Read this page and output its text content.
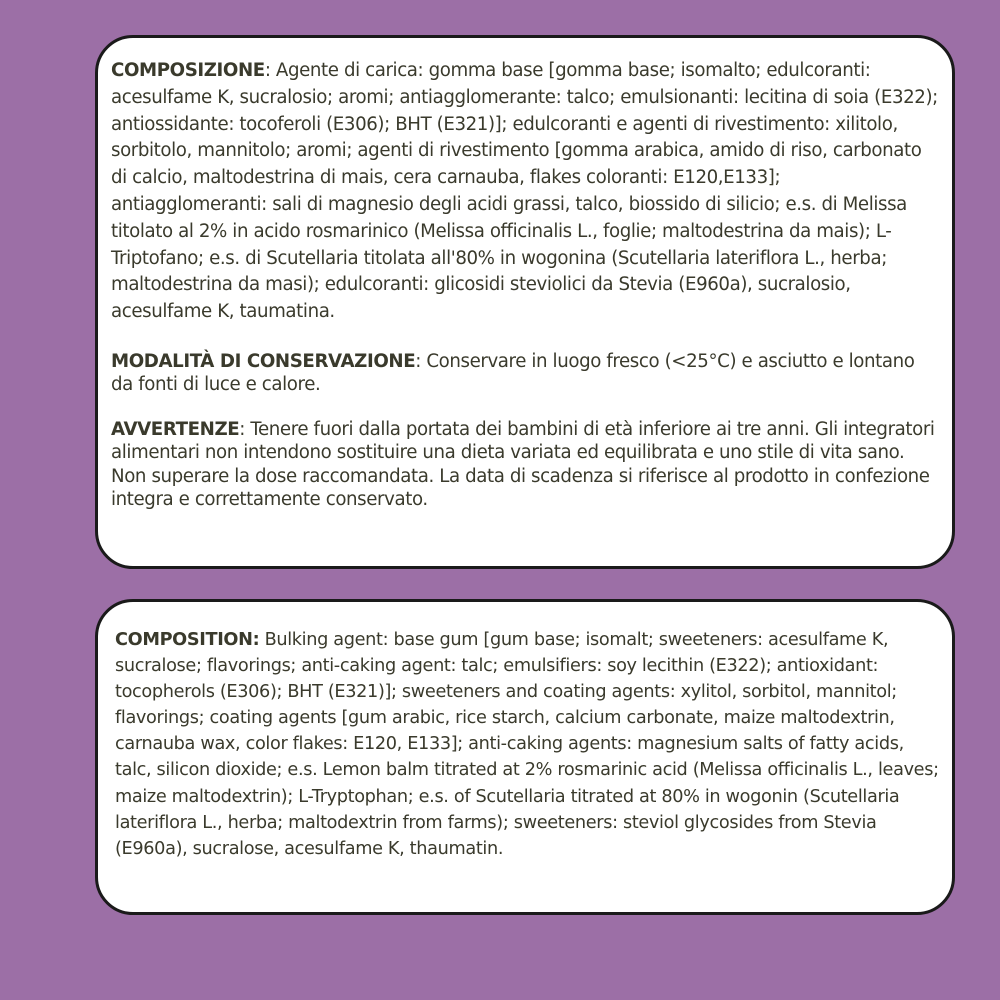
COMPOSIZIONE: Agente di carica: gomma base [gomma base; isomalto; edulcoranti: acesulfame K, sucralosio; aromi; antiagglomerante: talco; emulsionanti: lecitina di soia (E322); antiossidante: tocoferoli (E306); BHT (E321)]; edulcoranti e agenti di rivestimento: xilitolo, sorbitolo, mannitolo; aromi; agenti di rivestimento [gomma arabica, amido di riso, carbonato di calcio, maltodestrina di mais, cera carnauba, flakes coloranti: E120,E133]; antiagglomeranti: sali di magnesio degli acidi grassi, talco, biossido di silicio; e.s. di Melissa titolato al 2% in acido rosmarinico (Melissa officinalis L., foglie; maltodestrina da mais); L-Triptofano; e.s. di Scutellaria titolata all'80% in wogonina (Scutellaria lateriflora L., herba; maltodestrina da masi); edulcoranti: glicosidi steviolici da Stevia (E960a), sucralosio, acesulfame K, taumatina.

MODALITÀ DI CONSERVAZIONE: Conservare in luogo fresco (<25°C) e asciutto e lontano da fonti di luce e calore.

AVVERTENZE: Tenere fuori dalla portata dei bambini di età inferiore ai tre anni. Gli integratori alimentari non intendono sostituire una dieta variata ed equilibrata e uno stile di vita sano. Non superare la dose raccomandata. La data di scadenza si riferisce al prodotto in confezione integra e correttamente conservato.

COMPOSITION: Bulking agent: base gum [gum base; isomalt; sweeteners: acesulfame K, sucralose; flavorings; anti-caking agent: talc; emulsifiers: soy lecithin (E322); antioxidant: tocopherols (E306); BHT (E321)]; sweeteners and coating agents: xylitol, sorbitol, mannitol; flavorings; coating agents [gum arabic, rice starch, calcium carbonate, maize maltodextrin, carnauba wax, color flakes: E120, E133]; anti-caking agents: magnesium salts of fatty acids, talc, silicon dioxide; e.s. Lemon balm titrated at 2% rosmarinic acid (Melissa officinalis L., leaves; maize maltodextrin); L-Tryptophan; e.s. of Scutellaria titrated at 80% in wogonin (Scutellaria lateriflora L., herba; maltodextrin from farms); sweeteners: steviol glycosides from Stevia (E960a), sucralose, acesulfame K, thaumatin.
